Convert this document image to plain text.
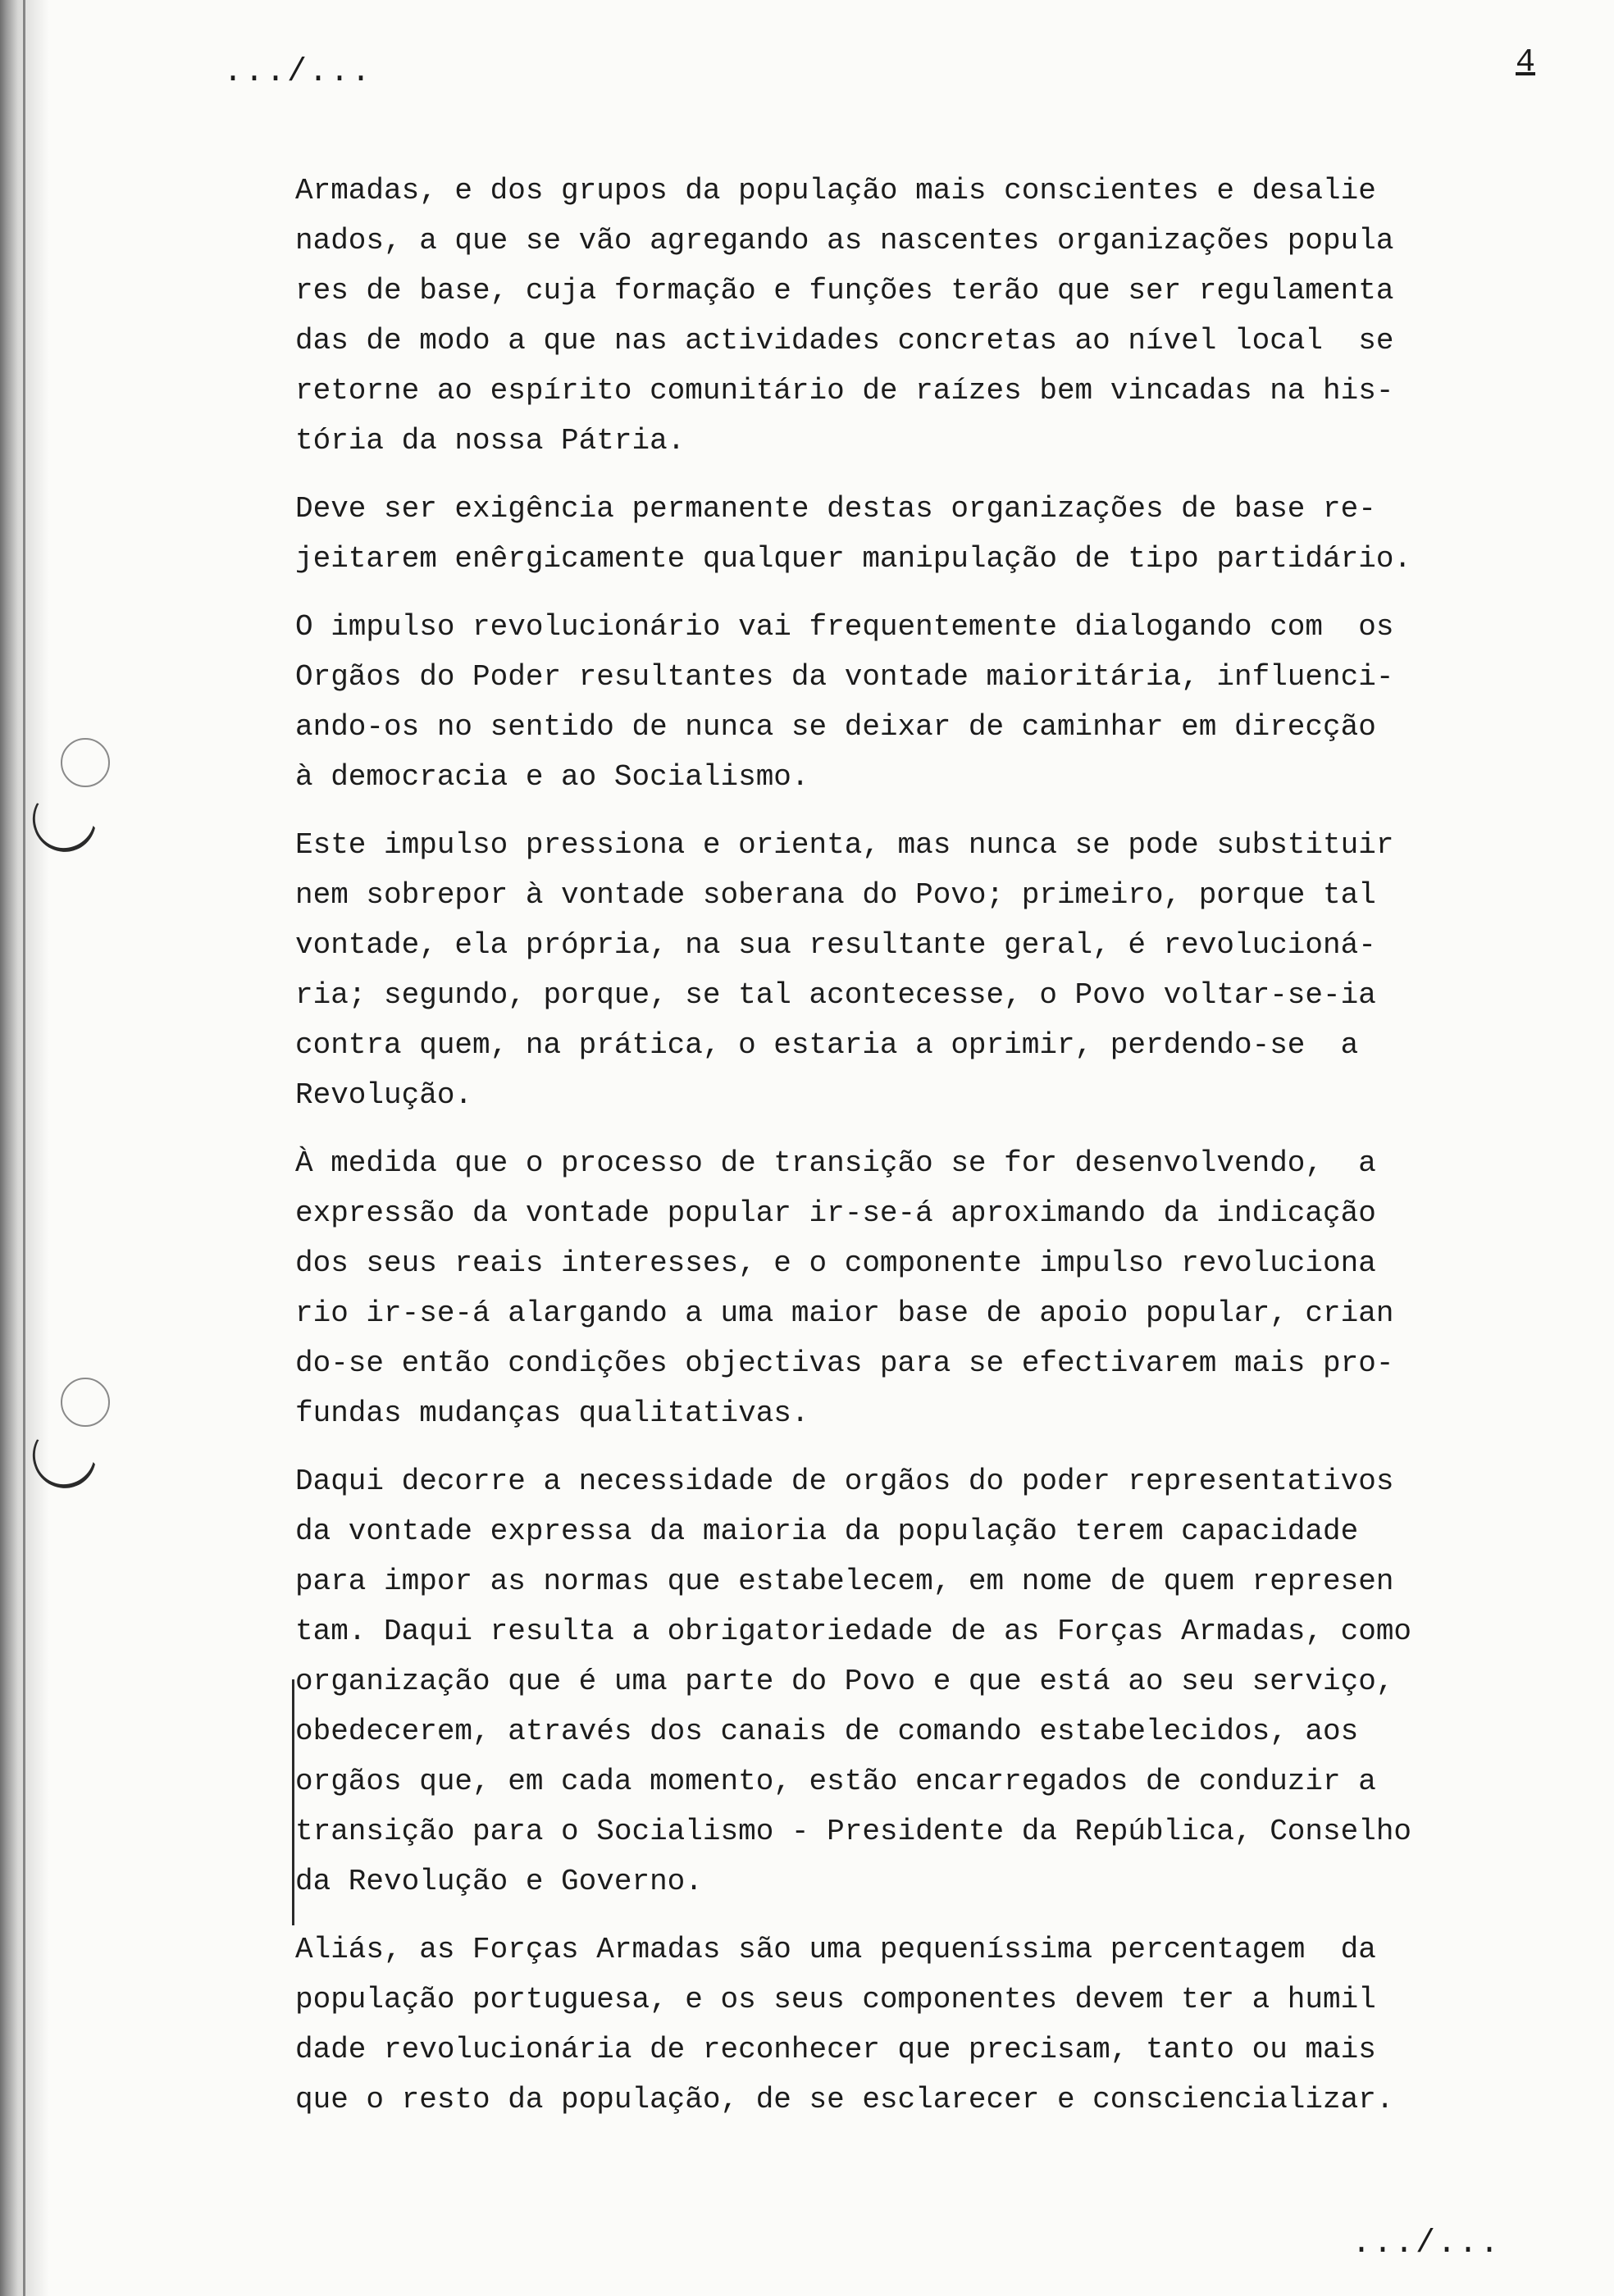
.../...	4
Armadas, e dos grupos da população mais conscientes e desalie
nados, a que se vão agregando as nascentes organizações popula
res de base, cuja formação e funções terão que ser regulamenta
das de modo a que nas actividades concretas ao nível local  se
retorne ao espírito comunitário de raízes bem vincadas na his-
tória da nossa Pátria.
Deve ser exigência permanente destas organizações de base re-
jeitarem enêrgicamente qualquer manipulação de tipo partidário.
O impulso revolucionário vai frequentemente dialogando com  os
Orgãos do Poder resultantes da vontade maioritária, influenci-
ando-os no sentido de nunca se deixar de caminhar em direcção
à democracia e ao Socialismo.
Este impulso pressiona e orienta, mas nunca se pode substituir
nem sobrepor à vontade soberana do Povo; primeiro, porque tal
vontade, ela própria, na sua resultante geral, é revolucioná-
ria; segundo, porque, se tal acontecesse, o Povo voltar-se-ia
contra quem, na prática, o estaria a oprimir, perdendo-se  a
Revolução.
À medida que o processo de transição se for desenvolvendo,  a
expressão da vontade popular ir-se-á aproximando da indicação
dos seus reais interesses, e o componente impulso revoluciona
rio ir-se-á alargando a uma maior base de apoio popular, crian
do-se então condições objectivas para se efectivarem mais pro-
fundas mudanças qualitativas.
Daqui decorre a necessidade de orgãos do poder representativos
da vontade expressa da maioria da população terem capacidade
para impor as normas que estabelecem, em nome de quem represen
tam. Daqui resulta a obrigatoriedade de as Forças Armadas, como
organização que é uma parte do Povo e que está ao seu serviço,
obedecerem, através dos canais de comando estabelecidos, aos
orgãos que, em cada momento, estão encarregados de conduzir a
transição para o Socialismo - Presidente da República, Conselho
da Revolução e Governo.
Aliás, as Forças Armadas são uma pequeníssima percentagem  da
população portuguesa, e os seus componentes devem ter a humil
dade revolucionária de reconhecer que precisam, tanto ou mais
que o resto da população, de se esclarecer e consciencializar.
.../...
